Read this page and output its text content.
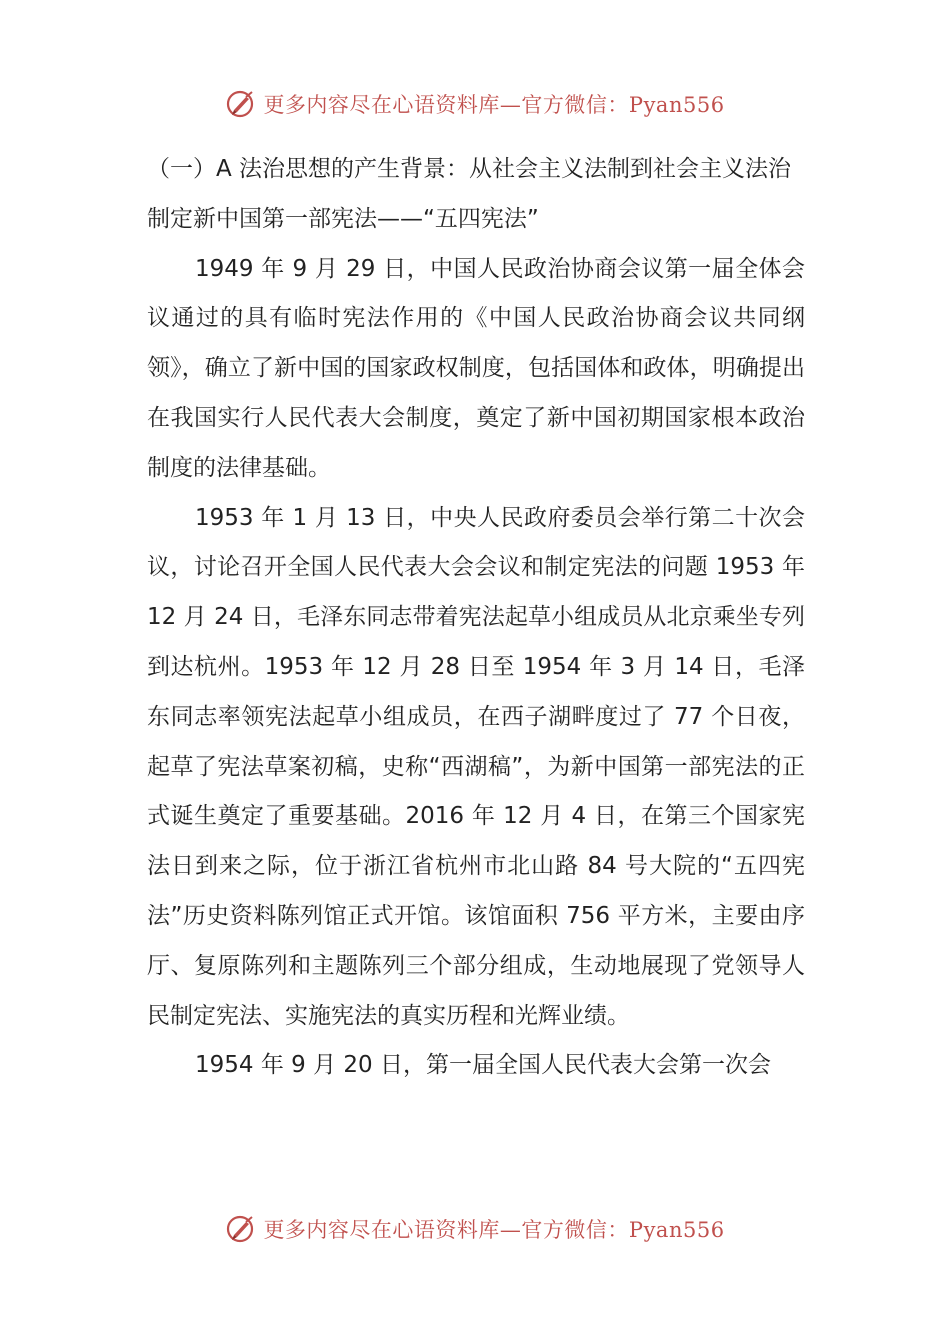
更多内容尽在心语资料库—官方微信：Pyan556

（一）A 法治思想的产生背景：从社会主义法制到社会主义法治

制定新中国第一部宪法——“五四宪法”

1949 年 9 月 29 日，中国人民政治协商会议第一届全体会议通过的具有临时宪法作用的《中国人民政治协商会议共同纲领》，确立了新中国的国家政权制度，包括国体和政体，明确提出在我国实行人民代表大会制度，奠定了新中国初期国家根本政治制度的法律基础。

1953 年 1 月 13 日，中央人民政府委员会举行第二十次会议，讨论召开全国人民代表大会会议和制定宪法的问题 1953 年 12 月 24 日，毛泽东同志带着宪法起草小组成员从北京乘坐专列到达杭州。1953 年 12 月 28 日至 1954 年 3 月 14 日，毛泽东同志率领宪法起草小组成员，在西子湖畔度过了 77 个日夜，起草了宪法草案初稿，史称“西湖稿”，为新中国第一部宪法的正式诞生奠定了重要基础。2016 年 12 月 4 日，在第三个国家宪法日到来之际，位于浙江省杭州市北山路 84 号大院的“五四宪法”历史资料陈列馆正式开馆。该馆面积 756 平方米，主要由序厅、复原陈列和主题陈列三个部分组成，生动地展现了党领导人民制定宪法、实施宪法的真实历程和光辉业绩。

1954 年 9 月 20 日，第一届全国人民代表大会第一次会

更多内容尽在心语资料库—官方微信：Pyan556
